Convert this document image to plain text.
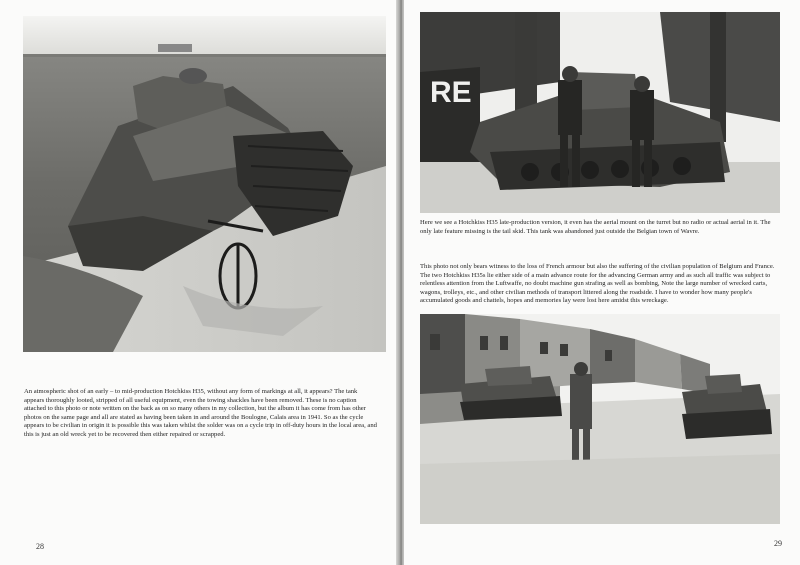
An atmospheric shot of an early – to mid-production Hotchkiss H35, without any form of markings at all, it appears? The tank appears thoroughly looted, stripped of all useful equipment, even the towing shackles have been removed. These is no caption attached to this photo or note written on the back as on so many others in my collection, but the album it has come from has other photos on the same page and all are stated as having been taken in and around the Boulogne, Calais area in 1941. So as the cycle appears to be civilian in origin it is possible this was taken whilst the solder was on a cycle trip in off-duty hours in the local area, and this is just an old wreck yet to be recovered then either repaired or scrapped.

28
RE

Here we see a Hotchkiss H35 late-production version, it even has the aerial mount on the turret but no radio or actual aerial in it. The only late feature missing is the tail skid. This tank was abandoned just outside the Belgian town of Wavre.

This photo not only bears witness to the loss of French armour but also the suffering of the civilian population of Belgium and France. The two Hotchkiss H35s lie either side of a main advance route for the advancing German army and as such all traffic was subject to relentless attention from the Luftwaffe, no doubt machine gun strafing as well as bombing, Note the large number of wrecked carts, wagons, trolleys, etc., and other civilian methods of transport littered along the roadside. I have to wonder how many people's accumulated goods and chattels, hopes and memories lay were lost here amidst this wreckage.

29
